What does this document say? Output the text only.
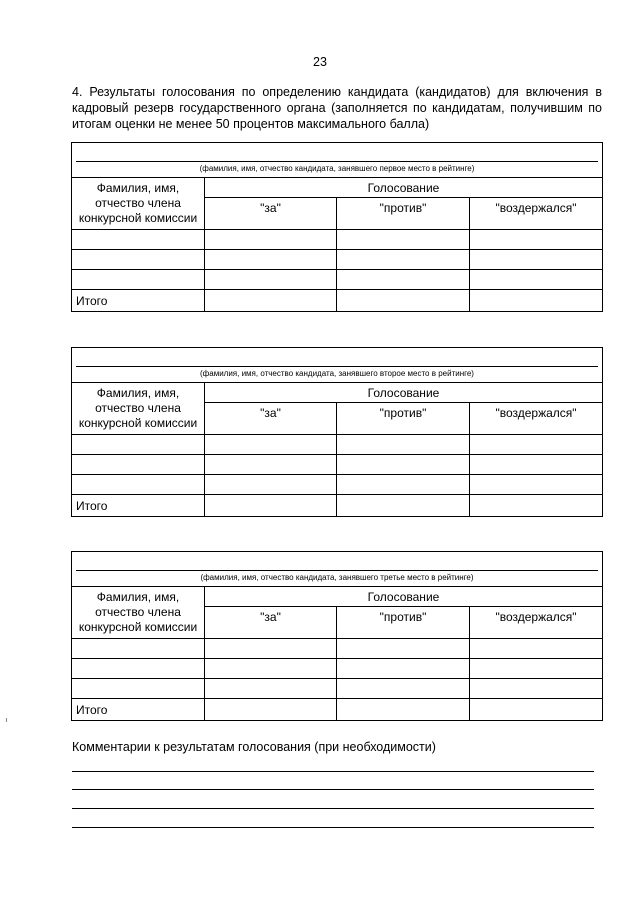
23
4. Результаты голосования по определению кандидата (кандидатов) для включения в
кадровый резерв государственного органа (заполняется по кандидатам, получившим по
итогам оценки не менее 50 процентов максимального балла)
(фамилия, имя, отчество кандидата, занявшего первое место в рейтинге)			

Фамилия, имя, отчество члена конкурсной комиссии	Голосование		
	"за"	"против"	"воздержался"

Итого			
(фамилия, имя, отчество кандидата, занявшего второе место в рейтинге)			

Фамилия, имя, отчество члена конкурсной комиссии	Голосование		
	"за"	"против"	"воздержался"

Итого			
(фамилия, имя, отчество кандидата, занявшего третье место в рейтинге)			

Фамилия, имя, отчество члена конкурсной комиссии	Голосование		
	"за"	"против"	"воздержался"

Итого			
Комментарии к результатам голосования (при необходимости)
